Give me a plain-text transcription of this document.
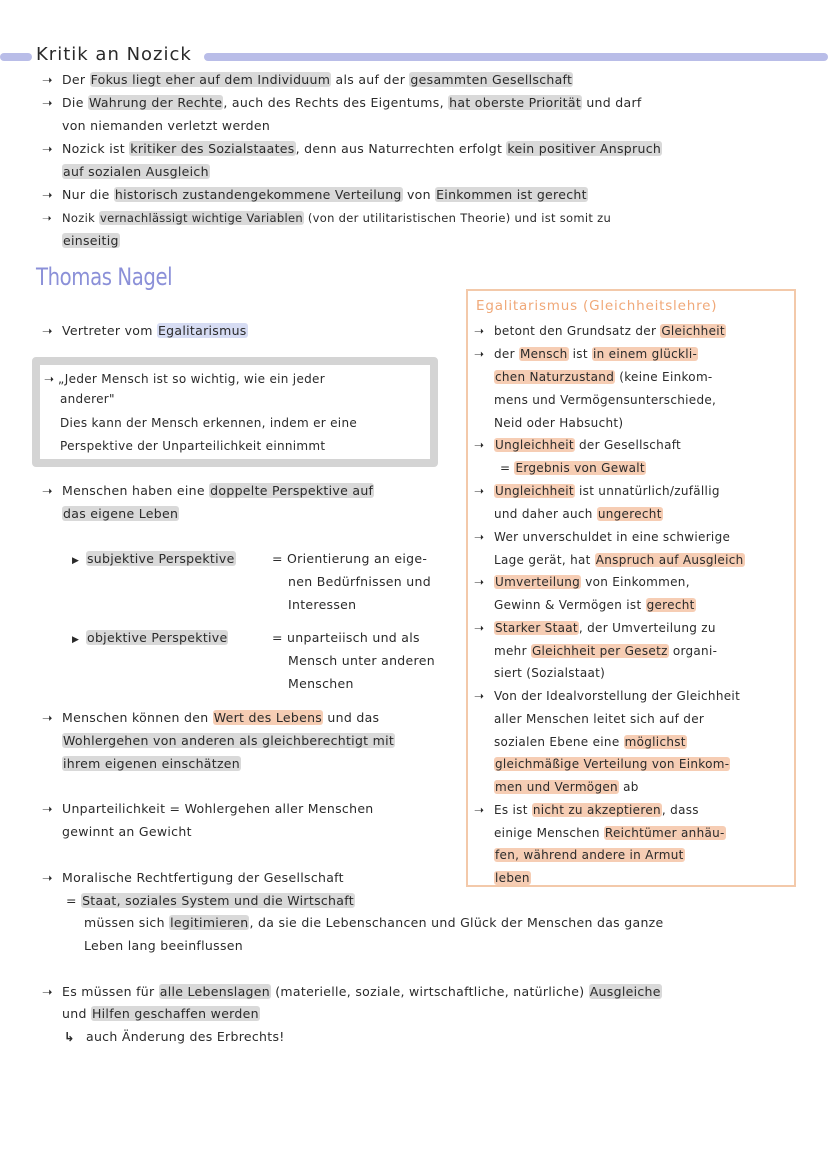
Kritik an Nozick
➝ Der Fokus liegt eher auf dem Individuum als auf der gesammten Gesellschaft
➝ Die Wahrung der Rechte, auch des Rechts des Eigentums, hat oberste Priorität und darf
von niemanden verletzt werden
➝ Nozick ist kritiker des Sozialstaates, denn aus Naturrechten erfolgt kein positiver Anspruch
auf sozialen Ausgleich
➝ Nur die historisch zustandengekommene Verteilung von Einkommen ist gerecht
➝ Nozik vernachlässigt wichtige Variablen (von der utilitaristischen Theorie) und ist somit zu
einseitig
Thomas Nagel
➝ Vertreter vom Egalitarismus
➝ „Jeder Mensch ist so wichtig, wie ein jeder
anderer"
Dies kann der Mensch erkennen, indem er eine
Perspektive der Unparteilichkeit einnimmt
➝ Menschen haben eine doppelte Perspektive auf
das eigene Leben
▶ subjektive Perspektive	= Orientierung an eige-
nen Bedürfnissen und
Interessen
▶ objektive Perspektive	= unparteiisch und als
Mensch unter anderen
Menschen
➝ Menschen können den Wert des Lebens und das
Wohlergehen von anderen als gleichberechtigt mit
ihrem eigenen einschätzen
➝ Unparteilichkeit = Wohlergehen aller Menschen
gewinnt an Gewicht
➝ Moralische Rechtfertigung der Gesellschaft
= Staat, soziales System und die Wirtschaft
müssen sich legitimieren, da sie die Lebenschancen und Glück der Menschen das ganze
Leben lang beeinflussen
➝ Es müssen für alle Lebenslagen (materielle, soziale, wirtschaftliche, natürliche) Ausgleiche
und Hilfen geschaffen werden
↳ auch Änderung des Erbrechts!
Egalitarismus (Gleichheitslehre)
➝ betont den Grundsatz der Gleichheit
➝ der Mensch ist in einem glückli-
chen Naturzustand (keine Einkom-
mens und Vermögensunterschiede,
Neid oder Habsucht)
➝ Ungleichheit der Gesellschaft
= Ergebnis von Gewalt
➝ Ungleichheit ist unnatürlich/zufällig
und daher auch ungerecht
➝ Wer unverschuldet in eine schwierige
Lage gerät, hat Anspruch auf Ausgleich
➝ Umverteilung von Einkommen,
Gewinn & Vermögen ist gerecht
➝ Starker Staat, der Umverteilung zu
mehr Gleichheit per Gesetz organi-
siert (Sozialstaat)
➝ Von der Idealvorstellung der Gleichheit
aller Menschen leitet sich auf der
sozialen Ebene eine möglichst
gleichmäßige Verteilung von Einkom-
men und Vermögen ab
➝ Es ist nicht zu akzeptieren, dass
einige Menschen Reichtümer anhäu-
fen, während andere in Armut
leben
